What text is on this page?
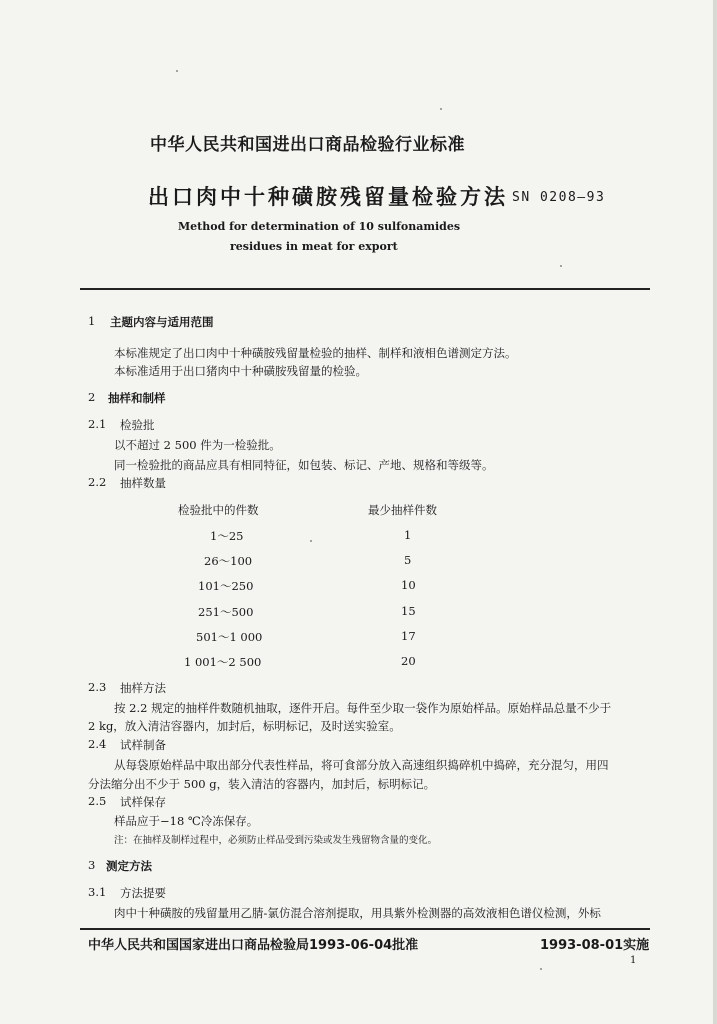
中华人民共和国进出口商品检验行业标准
出口肉中十种磺胺残留量检验方法 SN 0208—93
Method for determination of 10 sulfonamides
residues in meat for export
1 主题内容与适用范围
本标准规定了出口肉中十种磺胺残留量检验的抽样、制样和液相色谱测定方法。
本标准适用于出口猪肉中十种磺胺残留量的检验。
2 抽样和制样
2.1 检验批
以不超过 2 500 件为一检验批。
同一检验批的商品应具有相同特征，如包装、标记、产地、规格和等级等。
2.2 抽样数量
检验批中的件数	最少抽样件数
1～25	1
26～100	5
101～250	10
251～500	15
501～1 000	17
1 001～2 500	20
2.3 抽样方法
按 2.2 规定的抽样件数随机抽取，逐件开启。每件至少取一袋作为原始样品。原始样品总量不少于
2 kg，放入清洁容器内，加封后，标明标记，及时送实验室。
2.4 试样制备
从每袋原始样品中取出部分代表性样品，将可食部分放入高速组织捣碎机中捣碎，充分混匀，用四
分法缩分出不少于 500 g，装入清洁的容器内，加封后，标明标记。
2.5 试样保存
样品应于−18 ℃冷冻保存。
注：在抽样及制样过程中，必须防止样品受到污染或发生残留物含量的变化。
3 测定方法
3.1 方法提要
肉中十种磺胺的残留量用乙腈-氯仿混合溶剂提取，用具紫外检测器的高效液相色谱仪检测，外标
中华人民共和国国家进出口商品检验局1993-06-04批准	1993-08-01实施
1
